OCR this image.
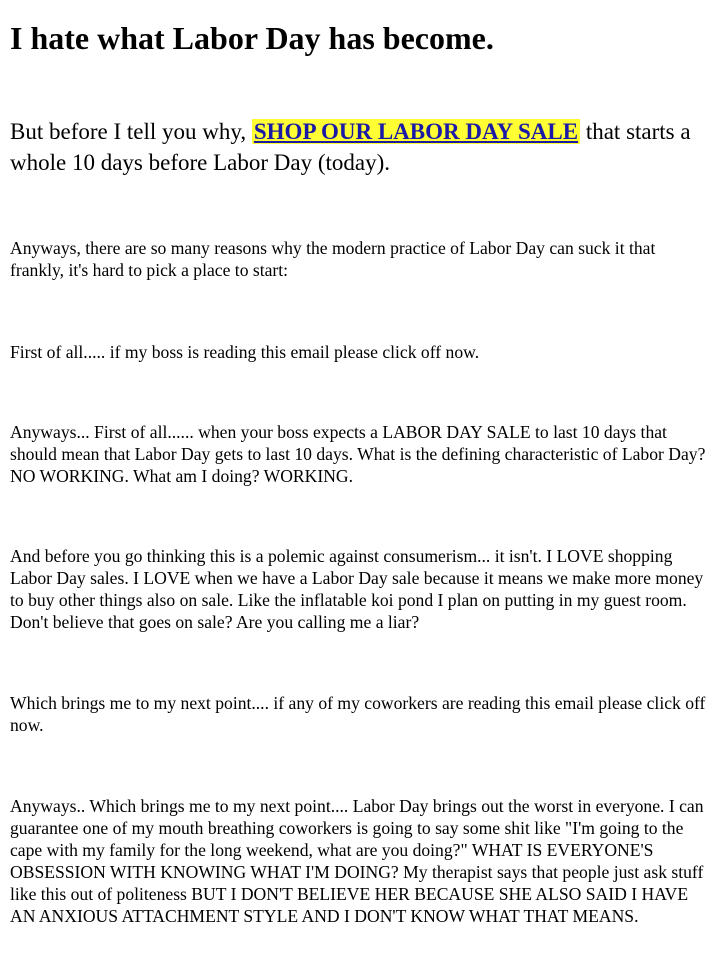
I hate what Labor Day has become.

But before I tell you why, SHOP OUR LABOR DAY SALE that starts a whole 10 days before Labor Day (today).

Anyways, there are so many reasons why the modern practice of Labor Day can suck it that frankly, it's hard to pick a place to start:

First of all..... if my boss is reading this email please click off now.

Anyways... First of all...... when your boss expects a LABOR DAY SALE to last 10 days that should mean that Labor Day gets to last 10 days. What is the defining characteristic of Labor Day? NO WORKING. What am I doing? WORKING.

And before you go thinking this is a polemic against consumerism... it isn't. I LOVE shopping Labor Day sales. I LOVE when we have a Labor Day sale because it means we make more money to buy other things also on sale. Like the inflatable koi pond I plan on putting in my guest room. Don't believe that goes on sale? Are you calling me a liar?

Which brings me to my next point.... if any of my coworkers are reading this email please click off now.

Anyways.. Which brings me to my next point.... Labor Day brings out the worst in everyone. I can guarantee one of my mouth breathing coworkers is going to say some shit like "I'm going to the cape with my family for the long weekend, what are you doing?" WHAT IS EVERYONE'S OBSESSION WITH KNOWING WHAT I'M DOING? My therapist says that people just ask stuff like this out of politeness BUT I DON'T BELIEVE HER BECAUSE SHE ALSO SAID I HAVE AN ANXIOUS ATTACHMENT STYLE AND I DON'T KNOW WHAT THAT MEANS.
